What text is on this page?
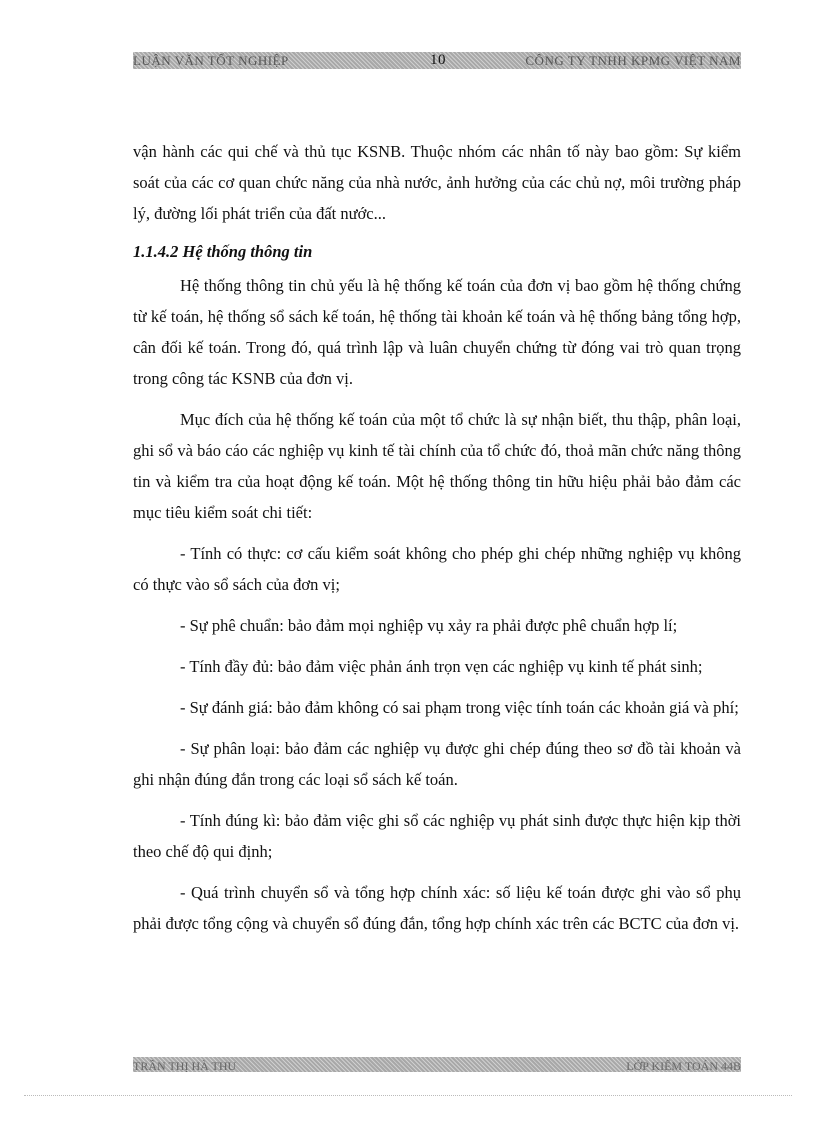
LUẬN VĂN TỐT NGHIỆP	10	CÔNG TY TNHH KPMG VIỆT NAM

vận hành các qui chế và thủ tục KSNB. Thuộc nhóm các nhân tố này bao gồm: Sự kiểm soát của các cơ quan chức năng của nhà nước, ảnh hưởng của các chủ nợ, môi trường pháp lý, đường lối phát triển của đất nước...

1.1.4.2 Hệ thống thông tin

Hệ thống thông tin chủ yếu là hệ thống kế toán của đơn vị bao gồm hệ thống chứng từ kế toán, hệ thống sổ sách kế toán, hệ thống tài khoản kế toán và hệ thống bảng tổng hợp, cân đối kế toán. Trong đó, quá trình lập và luân chuyển chứng từ đóng vai trò quan trọng trong công tác KSNB của đơn vị.

Mục đích của hệ thống kế toán của một tổ chức là sự nhận biết, thu thập, phân loại, ghi sổ và báo cáo các nghiệp vụ kinh tế tài chính của tổ chức đó, thoả mãn chức năng thông tin và kiểm tra của hoạt động kế toán. Một hệ thống thông tin hữu hiệu phải bảo đảm các mục tiêu kiểm soát chi tiết:

- Tính có thực: cơ cấu kiểm soát không cho phép ghi chép những nghiệp vụ không có thực vào sổ sách của đơn vị;

- Sự phê chuẩn: bảo đảm mọi nghiệp vụ xảy ra phải được phê chuẩn hợp lí;

- Tính đầy đủ: bảo đảm việc phản ánh trọn vẹn các nghiệp vụ kinh tế phát sinh;

- Sự đánh giá: bảo đảm không có sai phạm trong việc tính toán các khoản giá và phí;

- Sự phân loại: bảo đảm các nghiệp vụ được ghi chép đúng theo sơ đồ tài khoản và ghi nhận đúng đắn trong các loại sổ sách kế toán.

- Tính đúng kì: bảo đảm việc ghi sổ các nghiệp vụ phát sinh được thực hiện kịp thời theo chế độ qui định;

- Quá trình chuyển sổ và tổng hợp chính xác: số liệu kế toán được ghi vào sổ phụ phải được tổng cộng và chuyển sổ đúng đắn, tổng hợp chính xác trên các BCTC của đơn vị.

TRẦN THỊ HÀ THU	LỚP KIỂM TOÁN 44B
